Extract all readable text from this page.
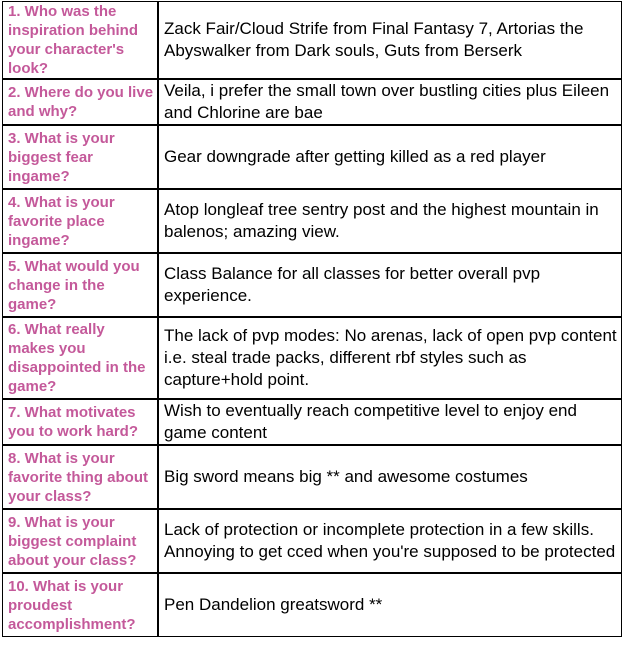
1. Who was the inspiration behind your character's look?	Zack Fair/Cloud Strife from Final Fantasy 7, Artorias the Abyswalker from Dark souls, Guts from Berserk
2. Where do you live and why?	Veila, i prefer the small town over bustling cities plus Eileen and Chlorine are bae
3. What is your biggest fear ingame?	Gear downgrade after getting killed as a red player
4. What is your favorite place ingame?	Atop longleaf tree sentry post and the highest mountain in balenos; amazing view.
5. What would you change in the game?	Class Balance for all classes for better overall pvp experience.
6. What really makes you disappointed in the game?	The lack of pvp modes: No arenas, lack of open pvp content i.e. steal trade packs, different rbf styles such as capture+hold point.
7. What motivates you to work hard?	Wish to eventually reach competitive level to enjoy end game content
8. What is your favorite thing about your class?	Big sword means big ** and awesome costumes
9. What is your biggest complaint about your class?	Lack of protection or incomplete protection in a few skills. Annoying to get cced when you're supposed to be protected
10. What is your proudest accomplishment?	Pen Dandelion greatsword **
